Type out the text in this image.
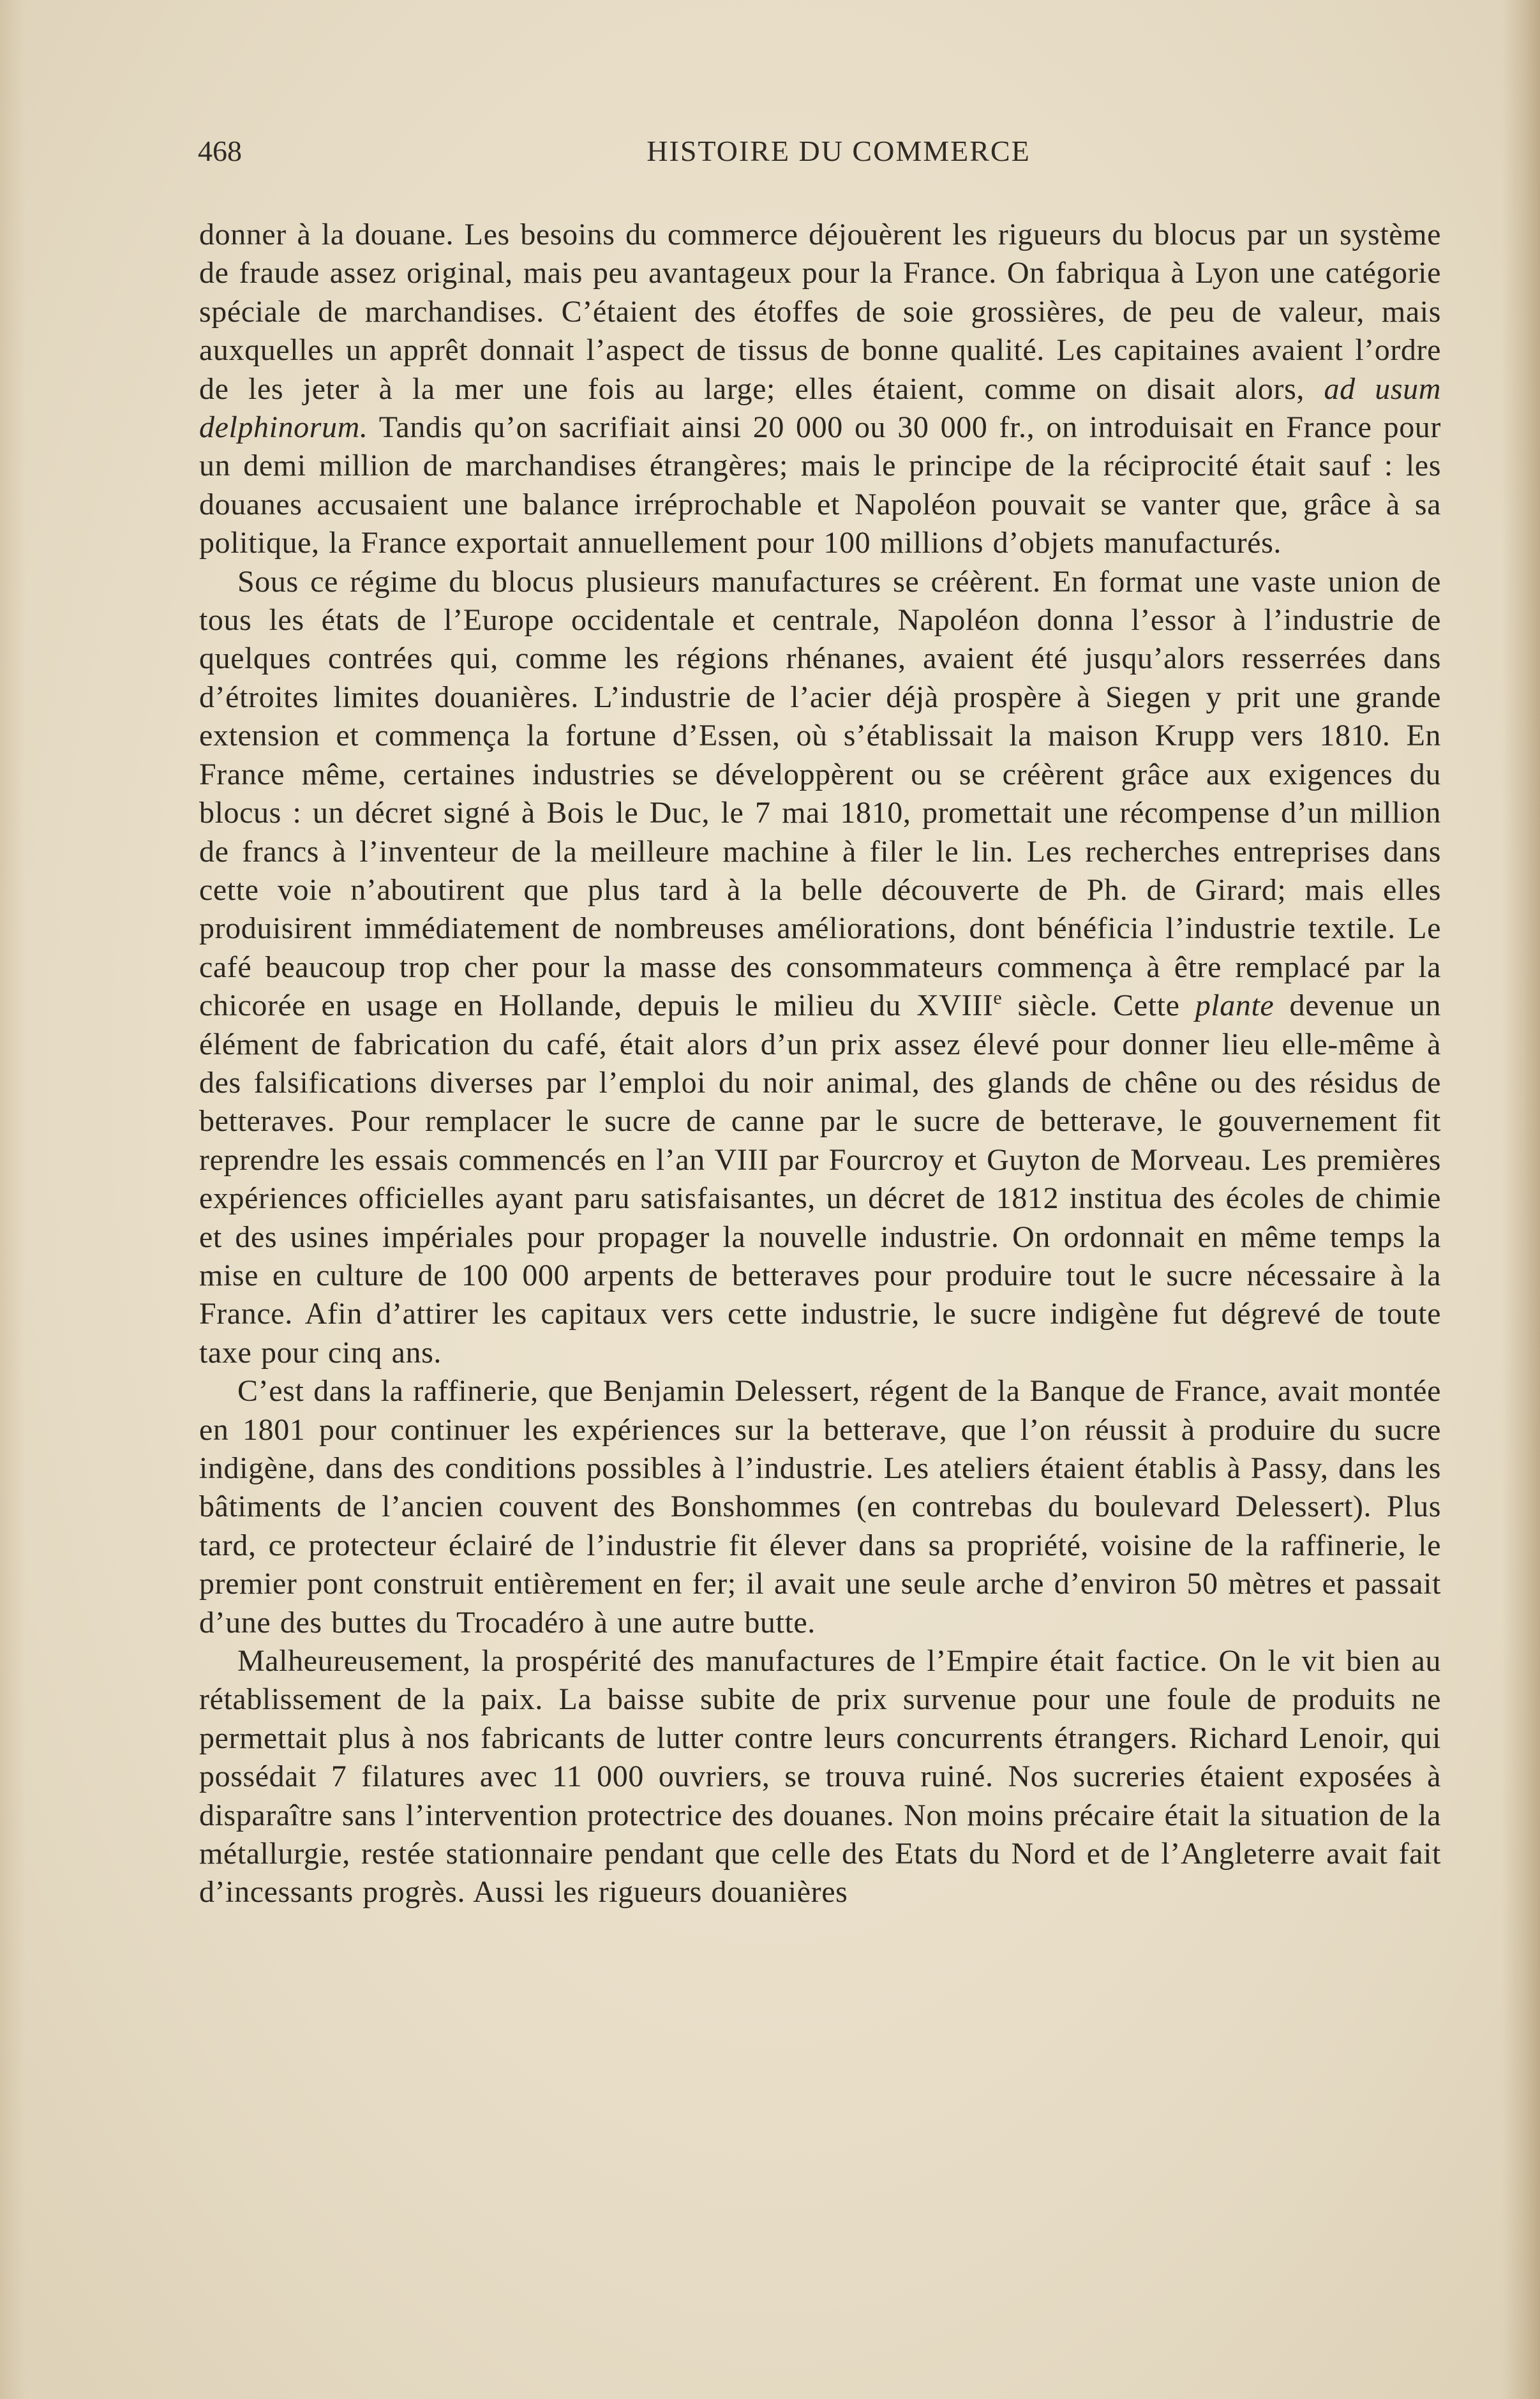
468	HISTOIRE DU COMMERCE

donner à la douane. Les besoins du commerce déjouèrent les rigueurs du blocus par un système de fraude assez original, mais peu avantageux pour la France. On fabriqua à Lyon une catégorie spéciale de marchandises. C’étaient des étoffes de soie grossières, de peu de valeur, mais auxquelles un apprêt donnait l’aspect de tissus de bonne qualité. Les capitaines avaient l’ordre de les jeter à la mer une fois au large; elles étaient, comme on disait alors, ad usum delphinorum. Tandis qu’on sacrifiait ainsi 20 000 ou 30 000 fr., on introduisait en France pour un demi million de marchandises étrangères; mais le principe de la réciprocité était sauf : les douanes accusaient une balance irréprochable et Napoléon pouvait se vanter que, grâce à sa politique, la France exportait annuellement pour 100 millions d’objets manufacturés.

Sous ce régime du blocus plusieurs manufactures se créèrent. En format une vaste union de tous les états de l’Europe occidentale et centrale, Napoléon donna l’essor à l’industrie de quelques contrées qui, comme les régions rhénanes, avaient été jusqu’alors resserrées dans d’étroites limites douanières. L’industrie de l’acier déjà prospère à Siegen y prit une grande extension et commença la fortune d’Essen, où s’établissait la maison Krupp vers 1810. En France même, certaines industries se développèrent ou se créèrent grâce aux exigences du blocus : un décret signé à Bois le Duc, le 7 mai 1810, promettait une récompense d’un million de francs à l’inventeur de la meilleure machine à filer le lin. Les recherches entreprises dans cette voie n’aboutirent que plus tard à la belle découverte de Ph. de Girard; mais elles produisirent immédiatement de nombreuses améliorations, dont bénéficia l’industrie textile. Le café beaucoup trop cher pour la masse des consommateurs commença à être remplacé par la chicorée en usage en Hollande, depuis le milieu du XVIIIe siècle. Cette plante devenue un élément de fabrication du café, était alors d’un prix assez élevé pour donner lieu elle-même à des falsifications diverses par l’emploi du noir animal, des glands de chêne ou des résidus de betteraves. Pour remplacer le sucre de canne par le sucre de betterave, le gouvernement fit reprendre les essais commencés en l’an VIII par Fourcroy et Guyton de Morveau. Les premières expériences officielles ayant paru satisfaisantes, un décret de 1812 institua des écoles de chimie et des usines impériales pour propager la nouvelle industrie. On ordonnait en même temps la mise en culture de 100 000 arpents de betteraves pour produire tout le sucre nécessaire à la France. Afin d’attirer les capitaux vers cette industrie, le sucre indigène fut dégrevé de toute taxe pour cinq ans.

C’est dans la raffinerie, que Benjamin Delessert, régent de la Banque de France, avait montée en 1801 pour continuer les expériences sur la betterave, que l’on réussit à produire du sucre indigène, dans des conditions possibles à l’industrie. Les ateliers étaient établis à Passy, dans les bâtiments de l’ancien couvent des Bonshommes (en contrebas du boulevard Delessert). Plus tard, ce protecteur éclairé de l’industrie fit élever dans sa propriété, voisine de la raffinerie, le premier pont construit entièrement en fer; il avait une seule arche d’environ 50 mètres et passait d’une des buttes du Trocadéro à une autre butte.

Malheureusement, la prospérité des manufactures de l’Empire était factice. On le vit bien au rétablissement de la paix. La baisse subite de prix survenue pour une foule de produits ne permettait plus à nos fabricants de lutter contre leurs concurrents étrangers. Richard Lenoir, qui possédait 7 filatures avec 11 000 ouvriers, se trouva ruiné. Nos sucreries étaient exposées à disparaître sans l’intervention protectrice des douanes. Non moins précaire était la situation de la métallurgie, restée stationnaire pendant que celle des Etats du Nord et de l’Angleterre avait fait d’incessants progrès. Aussi les rigueurs douanières
